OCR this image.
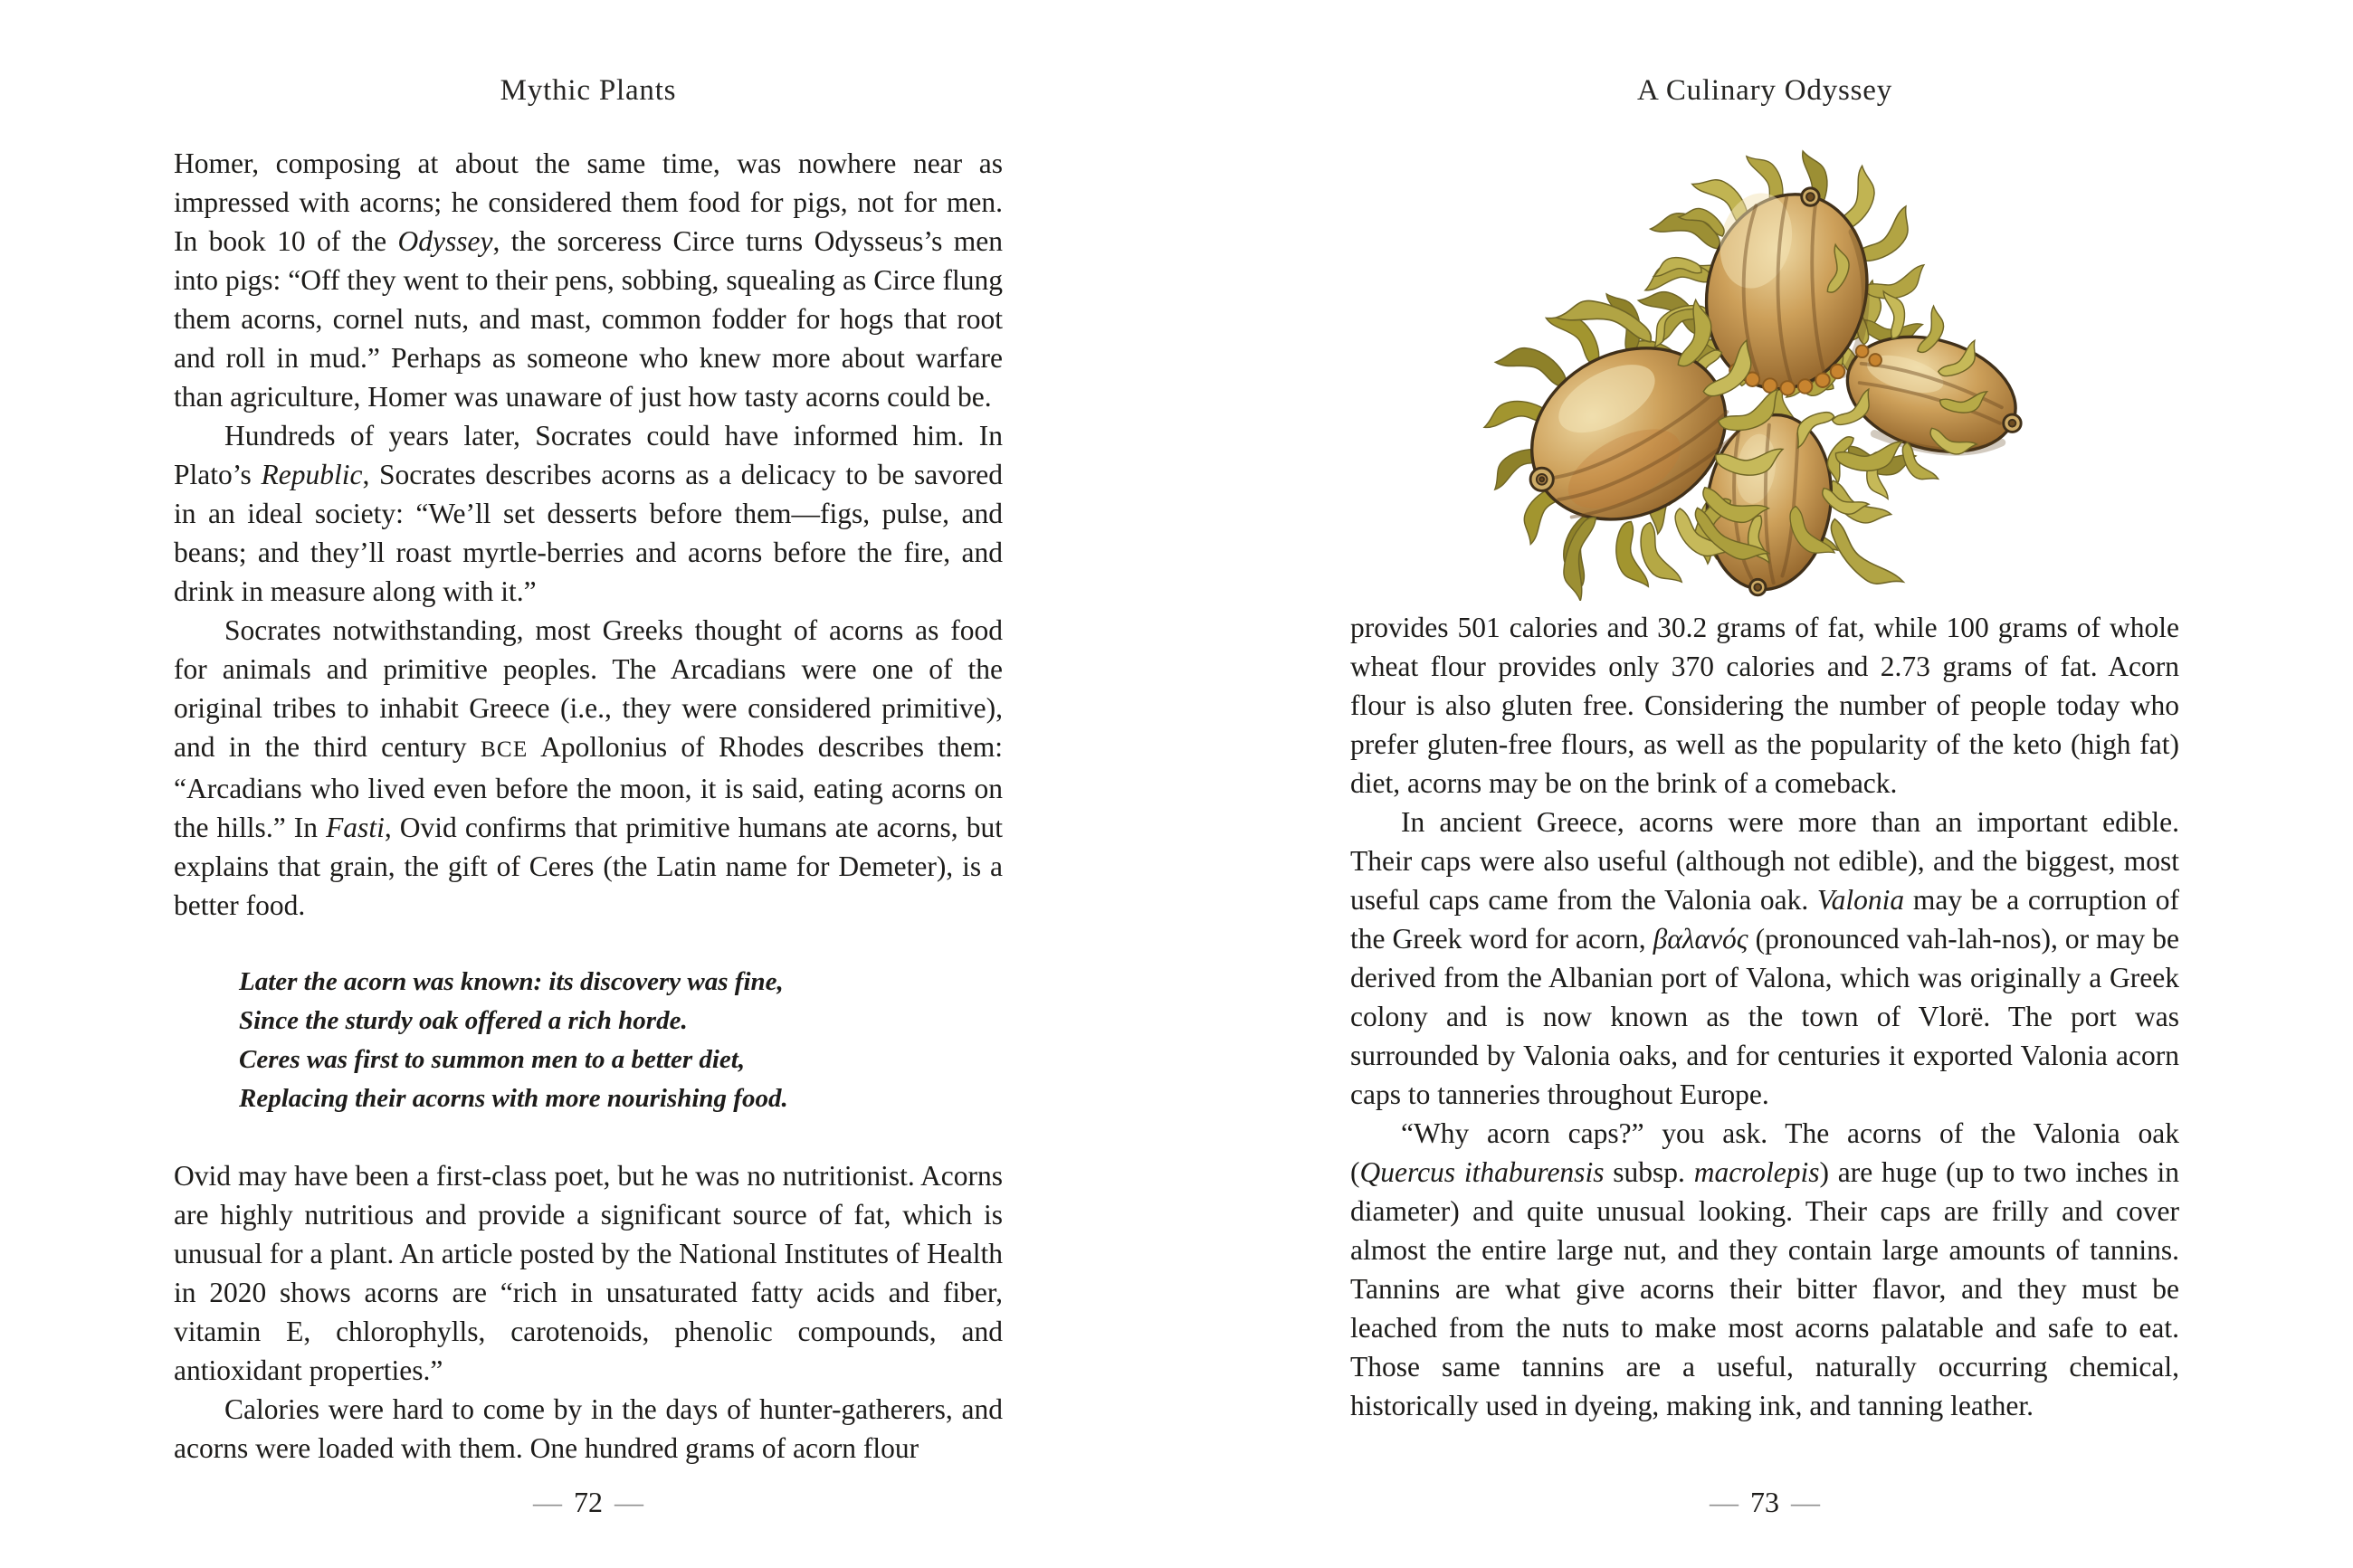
Mythic Plants

Homer, composing at about the same time, was nowhere near as impressed with acorns; he considered them food for pigs, not for men. In book 10 of the Odyssey, the sorceress Circe turns Odysseus’s men into pigs: “Off they went to their pens, sobbing, squealing as Circe flung them acorns, cornel nuts, and mast, common fodder for hogs that root and roll in mud.” Perhaps as someone who knew more about warfare than agriculture, Homer was unaware of just how tasty acorns could be.

Hundreds of years later, Socrates could have informed him. In Plato’s Republic, Socrates describes acorns as a delicacy to be savored in an ideal society: “We’ll set desserts before them—figs, pulse, and beans; and they’ll roast myrtle-berries and acorns before the fire, and drink in measure along with it.”

Socrates notwithstanding, most Greeks thought of acorns as food for animals and primitive peoples. The Arcadians were one of the original tribes to inhabit Greece (i.e., they were considered primitive), and in the third century BCE Apollonius of Rhodes describes them: “Arcadians who lived even before the moon, it is said, eating acorns on the hills.” In Fasti, Ovid confirms that primitive humans ate acorns, but explains that grain, the gift of Ceres (the Latin name for Demeter), is a better food.

Later the acorn was known: its discovery was fine,
Since the sturdy oak offered a rich horde.
Ceres was first to summon men to a better diet,
Replacing their acorns with more nourishing food.

Ovid may have been a first-class poet, but he was no nutritionist. Acorns are highly nutritious and provide a significant source of fat, which is unusual for a plant. An article posted by the National Institutes of Health in 2020 shows acorns are “rich in unsaturated fatty acids and fiber, vitamin E, chlorophylls, carotenoids, phenolic compounds, and antioxidant properties.”

Calories were hard to come by in the days of hunter-gatherers, and acorns were loaded with them. One hundred grams of acorn flour

— 72 —
A Culinary Odyssey

provides 501 calories and 30.2 grams of fat, while 100 grams of whole wheat flour provides only 370 calories and 2.73 grams of fat. Acorn flour is also gluten free. Considering the number of people today who prefer gluten-free flours, as well as the popularity of the keto (high fat) diet, acorns may be on the brink of a comeback.

In ancient Greece, acorns were more than an important edible. Their caps were also useful (although not edible), and the biggest, most useful caps came from the Valonia oak. Valonia may be a corruption of the Greek word for acorn, βαλανός (pronounced vah-lah-nos), or may be derived from the Albanian port of Valona, which was originally a Greek colony and is now known as the town of Vlorë. The port was surrounded by Valonia oaks, and for centuries it exported Valonia acorn caps to tanneries throughout Europe.

“Why acorn caps?” you ask. The acorns of the Valonia oak (Quercus ithaburensis subsp. macrolepis) are huge (up to two inches in diameter) and quite unusual looking. Their caps are frilly and cover almost the entire large nut, and they contain large amounts of tannins. Tannins are what give acorns their bitter flavor, and they must be leached from the nuts to make most acorns palatable and safe to eat. Those same tannins are a useful, naturally occurring chemical, historically used in dyeing, making ink, and tanning leather.

— 73 —
